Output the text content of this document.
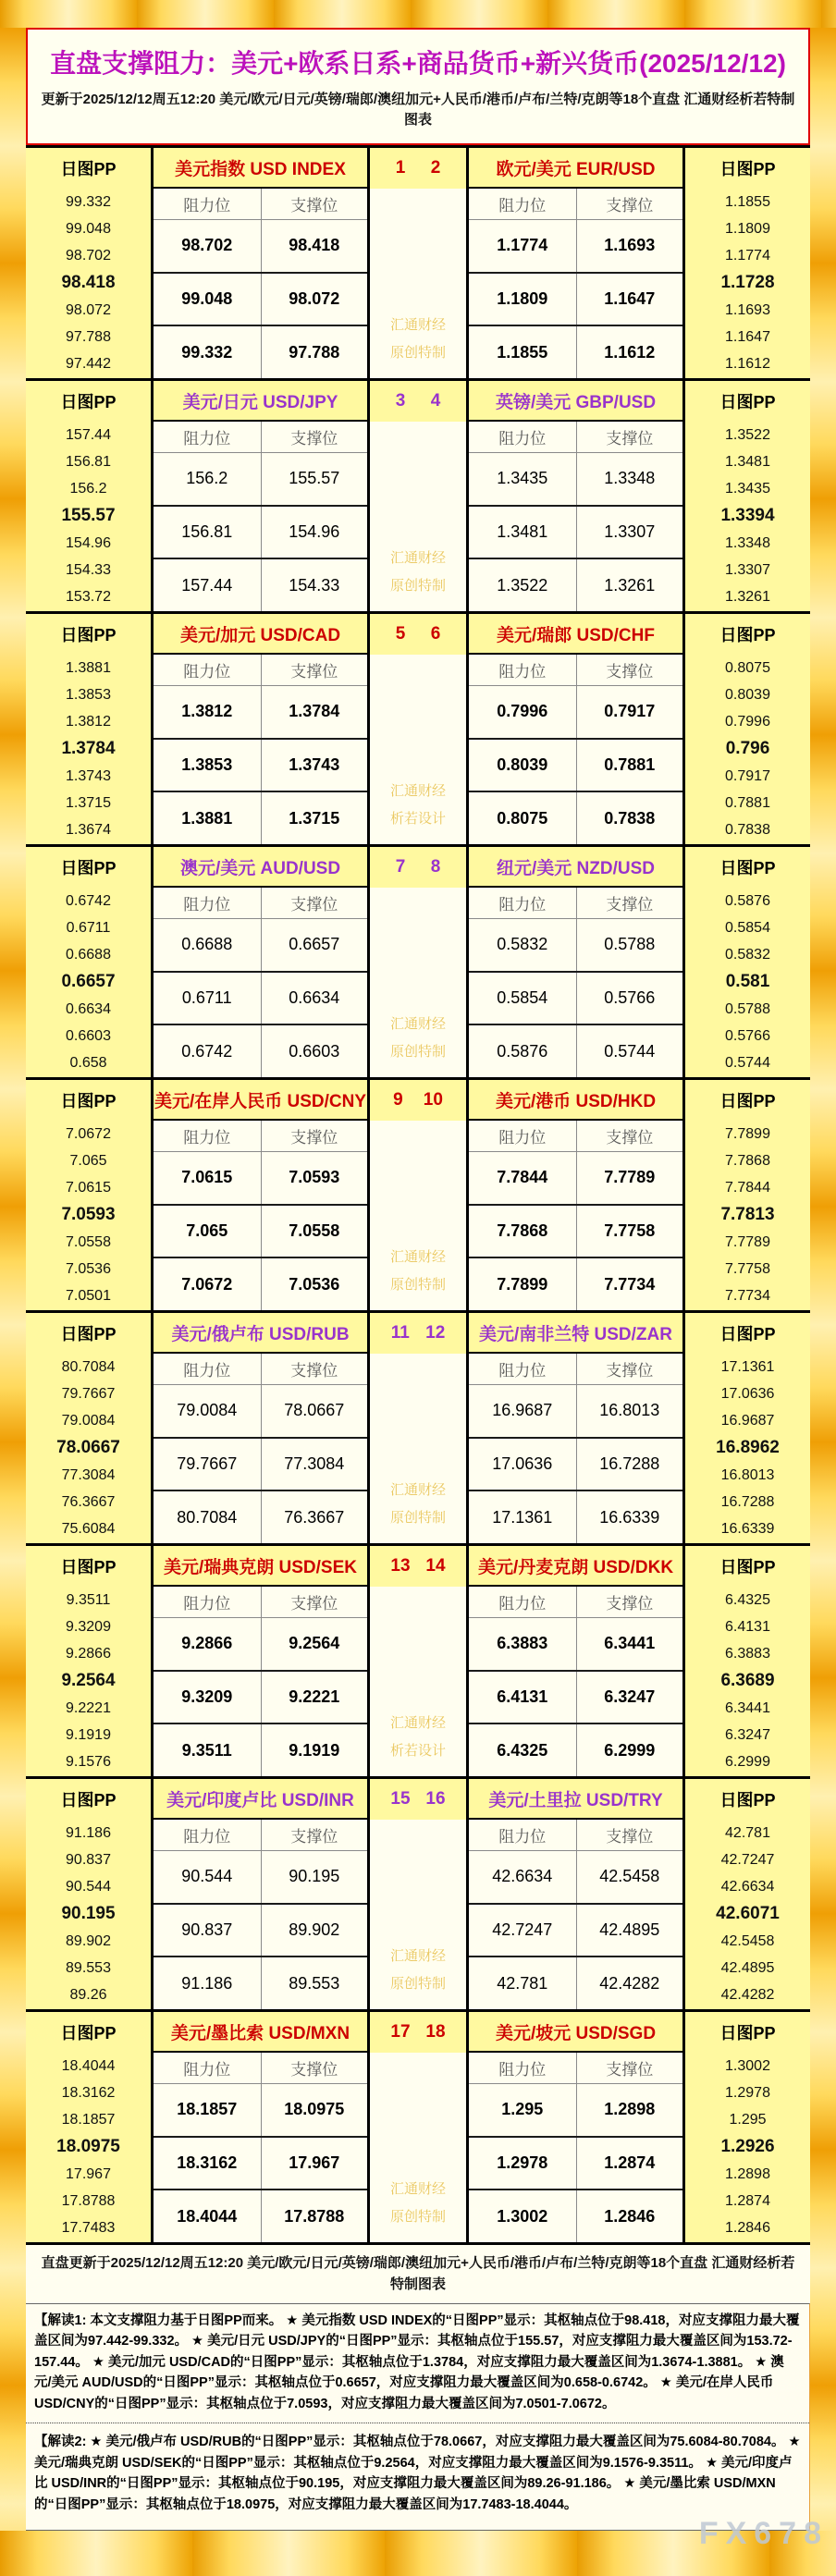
直盘支撑阻力：美元+欧系日系+商品货币+新兴货币(2025/12/12)
更新于2025/12/12周五12:20 美元/欧元/日元/英镑/瑞郎/澳纽加元+人民币/港币/卢布/兰特/克朗等18个直盘 汇通财经析若特制图表
日图PP
99.332
99.048
98.702
98.418
98.072
97.788
97.442
美元指数 USD INDEX
阻力位	支撑位
98.702	98.418
99.048	98.072
99.332	97.788
1 2
汇通财经
原创特制
欧元/美元 EUR/USD
阻力位	支撑位
1.1774	1.1693
1.1809	1.1647
1.1855	1.1612
日图PP
1.1855
1.1809
1.1774
1.1728
1.1693
1.1647
1.1612
日图PP
157.44
156.81
156.2
155.57
154.96
154.33
153.72
美元/日元 USD/JPY
阻力位	支撑位
156.2	155.57
156.81	154.96
157.44	154.33
3 4
汇通财经
原创特制
英镑/美元 GBP/USD
阻力位	支撑位
1.3435	1.3348
1.3481	1.3307
1.3522	1.3261
日图PP
1.3522
1.3481
1.3435
1.3394
1.3348
1.3307
1.3261
日图PP
1.3881
1.3853
1.3812
1.3784
1.3743
1.3715
1.3674
美元/加元 USD/CAD
阻力位	支撑位
1.3812	1.3784
1.3853	1.3743
1.3881	1.3715
5 6
汇通财经
析若设计
美元/瑞郎 USD/CHF
阻力位	支撑位
0.7996	0.7917
0.8039	0.7881
0.8075	0.7838
日图PP
0.8075
0.8039
0.7996
0.796
0.7917
0.7881
0.7838
日图PP
0.6742
0.6711
0.6688
0.6657
0.6634
0.6603
0.658
澳元/美元 AUD/USD
阻力位	支撑位
0.6688	0.6657
0.6711	0.6634
0.6742	0.6603
7 8
汇通财经
原创特制
纽元/美元 NZD/USD
阻力位	支撑位
0.5832	0.5788
0.5854	0.5766
0.5876	0.5744
日图PP
0.5876
0.5854
0.5832
0.581
0.5788
0.5766
0.5744
日图PP
7.0672
7.065
7.0615
7.0593
7.0558
7.0536
7.0501
美元/在岸人民币 USD/CNY
阻力位	支撑位
7.0615	7.0593
7.065	7.0558
7.0672	7.0536
9 10
汇通财经
原创特制
美元/港币 USD/HKD
阻力位	支撑位
7.7844	7.7789
7.7868	7.7758
7.7899	7.7734
日图PP
7.7899
7.7868
7.7844
7.7813
7.7789
7.7758
7.7734
日图PP
80.7084
79.7667
79.0084
78.0667
77.3084
76.3667
75.6084
美元/俄卢布 USD/RUB
阻力位	支撑位
79.0084	78.0667
79.7667	77.3084
80.7084	76.3667
11 12
汇通财经
原创特制
美元/南非兰特 USD/ZAR
阻力位	支撑位
16.9687	16.8013
17.0636	16.7288
17.1361	16.6339
日图PP
17.1361
17.0636
16.9687
16.8962
16.8013
16.7288
16.6339
日图PP
9.3511
9.3209
9.2866
9.2564
9.2221
9.1919
9.1576
美元/瑞典克朗 USD/SEK
阻力位	支撑位
9.2866	9.2564
9.3209	9.2221
9.3511	9.1919
13 14
汇通财经
析若设计
美元/丹麦克朗 USD/DKK
阻力位	支撑位
6.3883	6.3441
6.4131	6.3247
6.4325	6.2999
日图PP
6.4325
6.4131
6.3883
6.3689
6.3441
6.3247
6.2999
日图PP
91.186
90.837
90.544
90.195
89.902
89.553
89.26
美元/印度卢比 USD/INR
阻力位	支撑位
90.544	90.195
90.837	89.902
91.186	89.553
15 16
汇通财经
原创特制
美元/土里拉 USD/TRY
阻力位	支撑位
42.6634	42.5458
42.7247	42.4895
42.781	42.4282
日图PP
42.781
42.7247
42.6634
42.6071
42.5458
42.4895
42.4282
日图PP
18.4044
18.3162
18.1857
18.0975
17.967
17.8788
17.7483
美元/墨比索 USD/MXN
阻力位	支撑位
18.1857	18.0975
18.3162	17.967
18.4044	17.8788
17 18
汇通财经
原创特制
美元/坡元 USD/SGD
阻力位	支撑位
1.295	1.2898
1.2978	1.2874
1.3002	1.2846
日图PP
1.3002
1.2978
1.295
1.2926
1.2898
1.2874
1.2846
直盘更新于2025/12/12周五12:20 美元/欧元/日元/英镑/瑞郎/澳纽加元+人民币/港币/卢布/兰特/克朗等18个直盘 汇通财经析若特制图表
【解读1: 本文支撑阻力基于日图PP而来。 ★ 美元指数 USD INDEX的“日图PP”显示：其枢轴点位于98.418，对应支撑阻力最大覆盖区间为97.442-99.332。 ★ 美元/日元 USD/JPY的“日图PP”显示：其枢轴点位于155.57，对应支撑阻力最大覆盖区间为153.72-157.44。 ★ 美元/加元 USD/CAD的“日图PP”显示：其枢轴点位于1.3784，对应支撑阻力最大覆盖区间为1.3674-1.3881。 ★ 澳元/美元 AUD/USD的“日图PP”显示：其枢轴点位于0.6657，对应支撑阻力最大覆盖区间为0.658-0.6742。 ★ 美元/在岸人民币 USD/CNY的“日图PP”显示：其枢轴点位于7.0593，对应支撑阻力最大覆盖区间为7.0501-7.0672。
【解读2: ★ 美元/俄卢布 USD/RUB的“日图PP”显示：其枢轴点位于78.0667，对应支撑阻力最大覆盖区间为75.6084-80.7084。 ★ 美元/瑞典克朗 USD/SEK的“日图PP”显示：其枢轴点位于9.2564，对应支撑阻力最大覆盖区间为9.1576-9.3511。 ★ 美元/印度卢比 USD/INR的“日图PP”显示：其枢轴点位于90.195，对应支撑阻力最大覆盖区间为89.26-91.186。 ★ 美元/墨比索 USD/MXN的“日图PP”显示：其枢轴点位于18.0975，对应支撑阻力最大覆盖区间为17.7483-18.4044。
FX678
